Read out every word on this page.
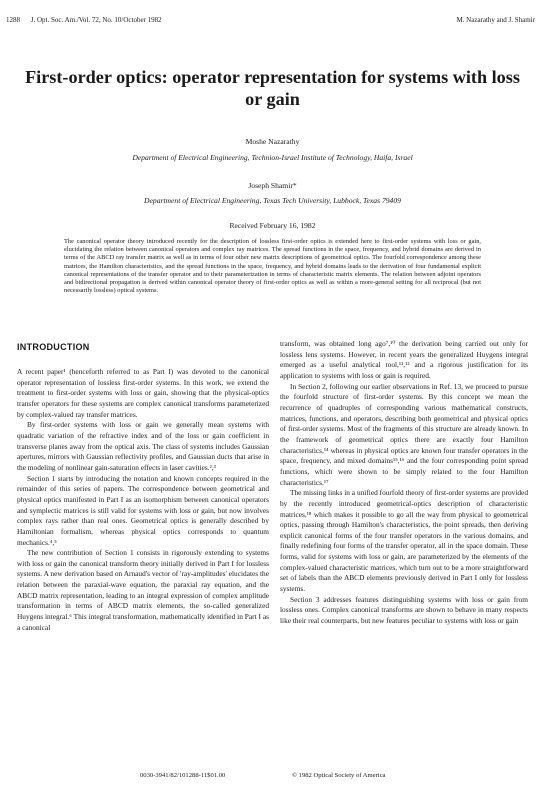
1288 J. Opt. Soc. Am./Vol. 72, No. 10/October 1982	M. Nazarathy and J. Shamir
First-order optics: operator representation for systems with loss or gain
Moshe Nazarathy
Department of Electrical Engineering, Technion-Israel Institute of Technology, Haifa, Israel
Joseph Shamir*
Department of Electrical Engineering, Texas Tech University, Lubbock, Texas 79409
Received February 16, 1982

The canonical operator theory introduced recently for the description of lossless first-order optics is extended here to first-order systems with loss or gain, elucidating the relation between canonical operators and complex ray matrices. The spread functions in the space, frequency, and hybrid domains are derived in terms of the ABCD ray transfer matrix as well as in terms of four other new matrix descriptions of geometrical optics. The fourfold correspondence among these matrices, the Hamilton characteristics, and the spread functions in the space, frequency, and hybrid domains leads to the derivation of four fundamental explicit canonical representations of the transfer operator and to their parameterization in terms of characteristic matrix elements. The relation between adjoint operators and bidirectional propagation is derived within canonical operator theory of first-order optics as well as within a more-general setting for all reciprocal (but not necessarily lossless) optical systems.

INTRODUCTION

A recent paper¹ (henceforth referred to as Part I) was devoted to the canonical operator representation of lossless first-order systems. In this work, we extend the treatment to first-order systems with loss or gain, showing that the physical-optics transfer operators for these systems are complex canonical transforms parameterized by complex-valued ray transfer matrices.

By first-order systems with loss or gain we generally mean systems with quadratic variation of the refractive index and of the loss or gain coefficient in transverse planes away from the optical axis. The class of systems includes Gaussian apertures, mirrors with Gaussian reflectivity profiles, and Gaussian ducts that arise in the modeling of nonlinear gain-saturation effects in laser cavities.²,³

Section 1 starts by introducing the notation and known concepts required in the remainder of this series of papers. The correspondence between geometrical and physical optics manifested in Part I as an isomorphism between canonical operators and symplectic matrices is still valid for systems with loss or gain, but now involves complex rays rather than real ones. Geometrical optics is generally described by Hamiltonian formalism, whereas physical optics corresponds to quantum mechanics.⁴,⁵

The new contribution of Section 1 consists in rigorously extending to systems with loss or gain the canonical transform theory initially derived in Part I for lossless systems. A new derivation based on Arnaud's vector of 'ray-amplitudes' elucidates the relation between the paraxial-wave equation, the paraxial ray equation, and the ABCD matrix representation, leading to an integral expression of complex amplitude transformation in terms of ABCD matrix elements, the so-called generalized Huygens integral.⁶ This integral transformation, mathematically identified in Part I as a canonical

transform, was obtained long ago⁷,¹⁰ the derivation being carried out only for lossless lens systems. However, in recent years the generalized Huygens integral emerged as a useful analytical tool,¹¹,¹² and a rigorous justification for its application to systems with loss or gain is required.

In Section 2, following our earlier observations in Ref. 13, we proceed to pursue the fourfold structure of first-order systems. By this concept we mean the recurrence of quadruples of corresponding various mathematical constructs, matrices, functions, and operators, describing both geometrical and physical optics of first-order systems. Most of the fragments of this structure are already known. In the framework of geometrical optics there are exactly four Hamilton characteristics,¹⁴ whereas in physical optics are known four transfer operators in the space, frequency, and mixed domains¹⁵,¹⁶ and the four corresponding point spread functions, which were shown to be simply related to the four Hamilton characteristics.¹⁷

The missing links in a unified fourfold theory of first-order systems are provided by the recently introduced geometrical-optics description of characteristic matrices,¹⁸ which makes it possible to go all the way from physical to geometrical optics, passing through Hamilton's characteristics, the point spreads, then deriving explicit canonical forms of the four transfer operators in the various domains, and finally redefining four forms of the transfer operator, all in the space domain. These forms, valid for systems with loss or gain, are parameterized by the elements of the complex-valued characteristic matrices, which turn out to be a more straightforward set of labels than the ABCD elements previously derived in Part I only for lossless systems.

Section 3 addresses features distinguishing systems with loss or gain from lossless ones. Complex canonical transforms are shown to behave in many respects like their real counterparts, but new features peculiar to systems with loss or gain

0030-3941/82/101288-11$01.00	© 1982 Optical Society of America
